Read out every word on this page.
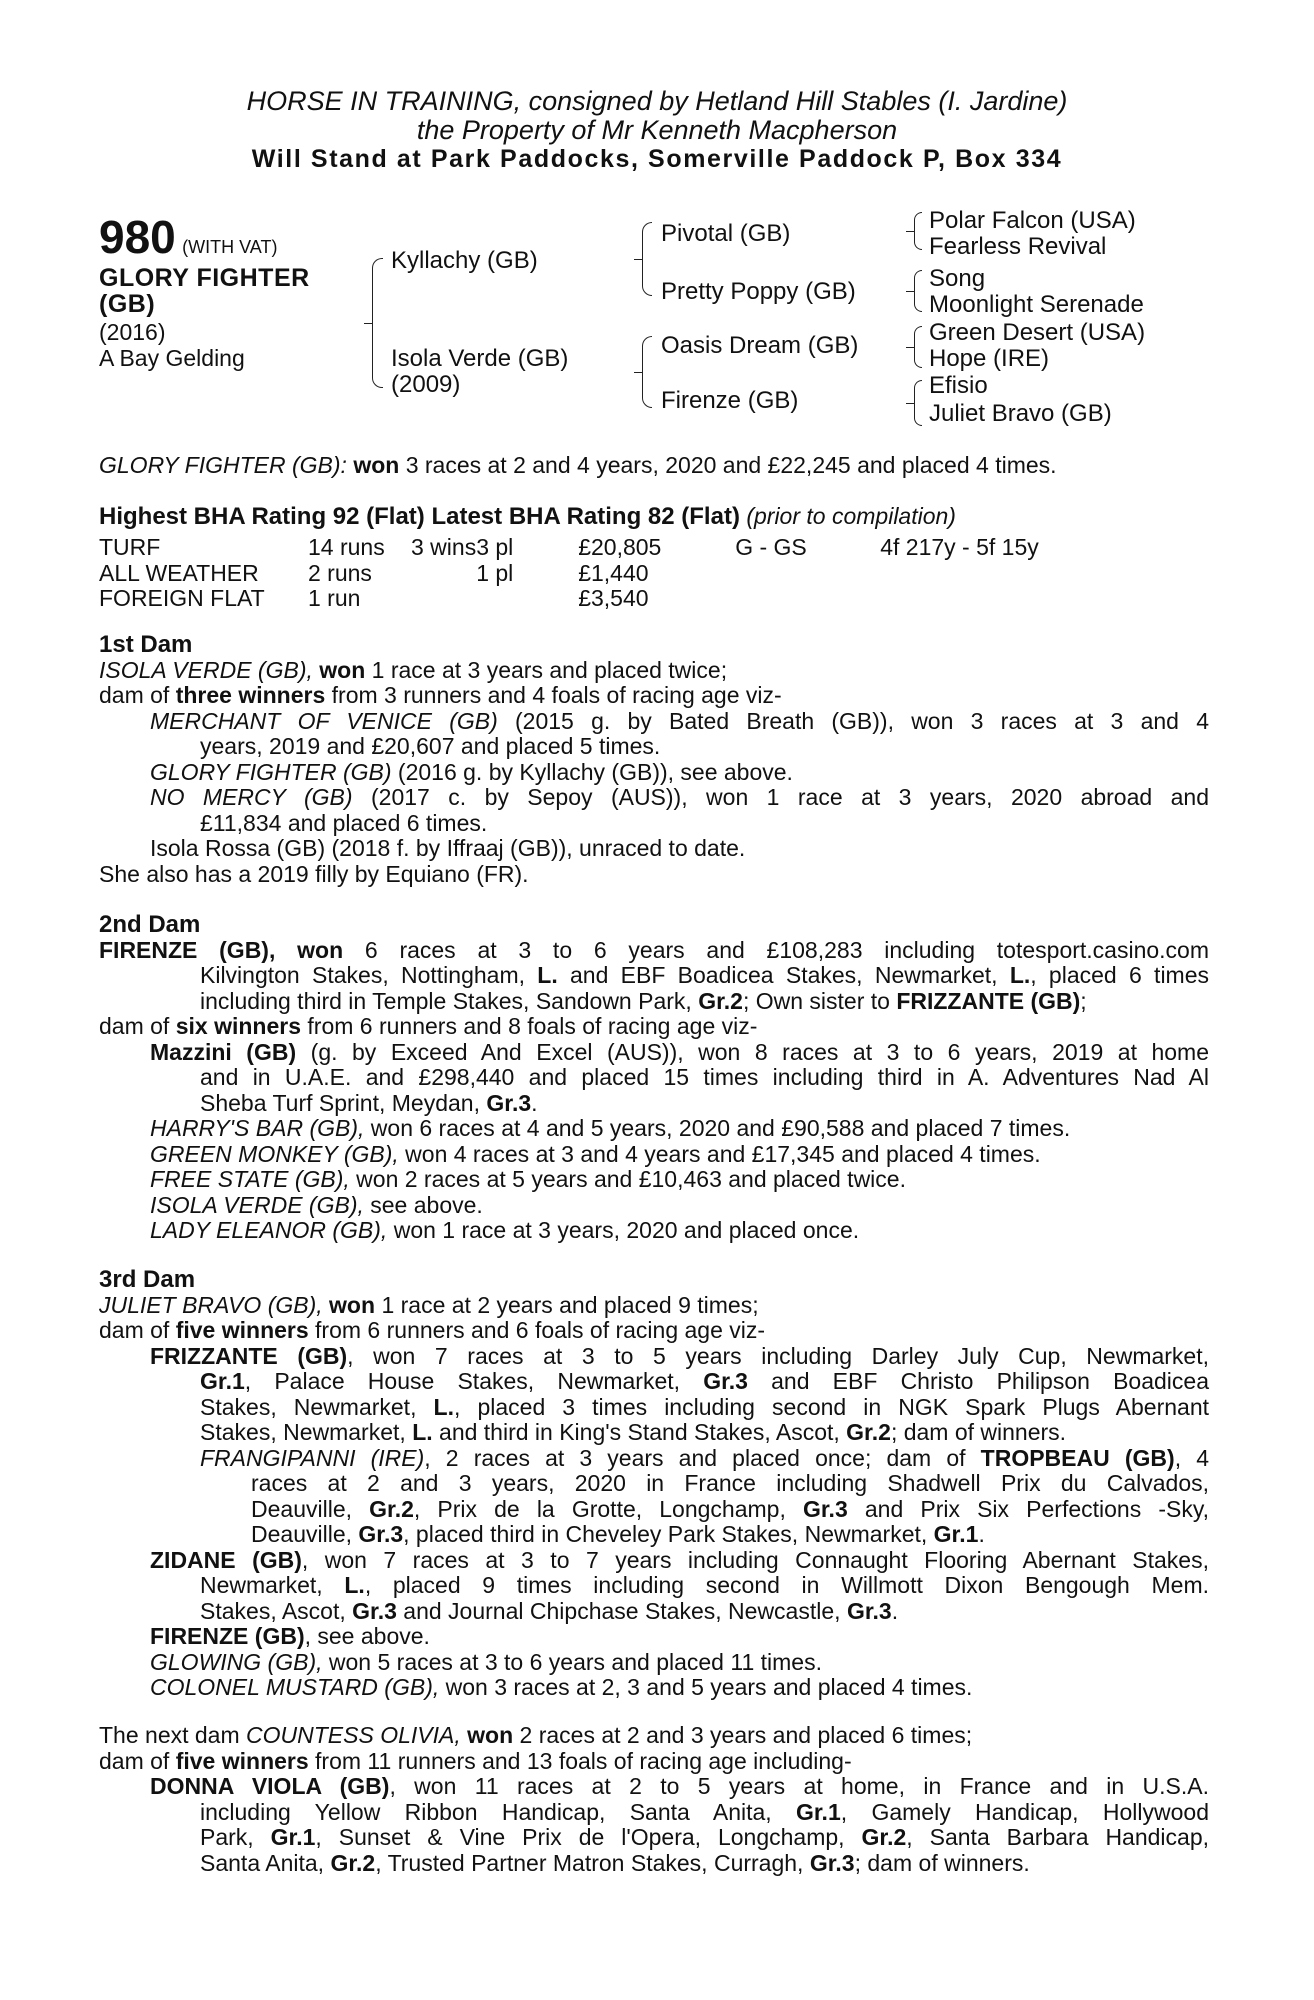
HORSE IN TRAINING, consigned by Hetland Hill Stables (I. Jardine)
the Property of Mr Kenneth Macpherson
Will Stand at Park Paddocks, Somerville Paddock P, Box 334
980 (WITH VAT)
GLORY FIGHTER
(GB)
(2016)
A Bay Gelding
Kyllachy (GB)
Isola Verde (GB)
(2009)
Pivotal (GB)
Pretty Poppy (GB)
Oasis Dream (GB)
Firenze (GB)
Polar Falcon (USA)
Fearless Revival
Song
Moonlight Serenade
Green Desert (USA)
Hope (IRE)
Efisio
Juliet Bravo (GB)
GLORY FIGHTER (GB): won 3 races at 2 and 4 years, 2020 and £22,245 and placed 4 times.
Highest BHA Rating 92 (Flat) Latest BHA Rating 82 (Flat) (prior to compilation)
TURF	14 runs	3 wins	3 pl	£20,805	G - GS	4f 217y - 5f 15y
ALL WEATHER	2 runs		1 pl	£1,440		
FOREIGN FLAT	1 run			£3,540		
1st Dam
ISOLA VERDE (GB), won 1 race at 3 years and placed twice;
dam of three winners from 3 runners and 4 foals of racing age viz-
MERCHANT OF VENICE (GB) (2015 g. by Bated Breath (GB)), won 3 races at 3 and 4
years, 2019 and £20,607 and placed 5 times.
GLORY FIGHTER (GB) (2016 g. by Kyllachy (GB)), see above.
NO MERCY (GB) (2017 c. by Sepoy (AUS)), won 1 race at 3 years, 2020 abroad and
£11,834 and placed 6 times.
Isola Rossa (GB) (2018 f. by Iffraaj (GB)), unraced to date.
She also has a 2019 filly by Equiano (FR).
2nd Dam
FIRENZE (GB), won 6 races at 3 to 6 years and £108,283 including totesport.casino.com
Kilvington Stakes, Nottingham, L. and EBF Boadicea Stakes, Newmarket, L., placed 6 times
including third in Temple Stakes, Sandown Park, Gr.2; Own sister to FRIZZANTE (GB);
dam of six winners from 6 runners and 8 foals of racing age viz-
Mazzini (GB) (g. by Exceed And Excel (AUS)), won 8 races at 3 to 6 years, 2019 at home
and in U.A.E. and £298,440 and placed 15 times including third in A. Adventures Nad Al
Sheba Turf Sprint, Meydan, Gr.3.
HARRY'S BAR (GB), won 6 races at 4 and 5 years, 2020 and £90,588 and placed 7 times.
GREEN MONKEY (GB), won 4 races at 3 and 4 years and £17,345 and placed 4 times.
FREE STATE (GB), won 2 races at 5 years and £10,463 and placed twice.
ISOLA VERDE (GB), see above.
LADY ELEANOR (GB), won 1 race at 3 years, 2020 and placed once.
3rd Dam
JULIET BRAVO (GB), won 1 race at 2 years and placed 9 times;
dam of five winners from 6 runners and 6 foals of racing age viz-
FRIZZANTE (GB), won 7 races at 3 to 5 years including Darley July Cup, Newmarket,
Gr.1, Palace House Stakes, Newmarket, Gr.3 and EBF Christo Philipson Boadicea
Stakes, Newmarket, L., placed 3 times including second in NGK Spark Plugs Abernant
Stakes, Newmarket, L. and third in King's Stand Stakes, Ascot, Gr.2; dam of winners.
FRANGIPANNI (IRE), 2 races at 3 years and placed once; dam of TROPBEAU (GB), 4
races at 2 and 3 years, 2020 in France including Shadwell Prix du Calvados,
Deauville, Gr.2, Prix de la Grotte, Longchamp, Gr.3 and Prix Six Perfections -Sky,
Deauville, Gr.3, placed third in Cheveley Park Stakes, Newmarket, Gr.1.
ZIDANE (GB), won 7 races at 3 to 7 years including Connaught Flooring Abernant Stakes,
Newmarket, L., placed 9 times including second in Willmott Dixon Bengough Mem.
Stakes, Ascot, Gr.3 and Journal Chipchase Stakes, Newcastle, Gr.3.
FIRENZE (GB), see above.
GLOWING (GB), won 5 races at 3 to 6 years and placed 11 times.
COLONEL MUSTARD (GB), won 3 races at 2, 3 and 5 years and placed 4 times.
The next dam COUNTESS OLIVIA, won 2 races at 2 and 3 years and placed 6 times;
dam of five winners from 11 runners and 13 foals of racing age including-
DONNA VIOLA (GB), won 11 races at 2 to 5 years at home, in France and in U.S.A.
including Yellow Ribbon Handicap, Santa Anita, Gr.1, Gamely Handicap, Hollywood
Park, Gr.1, Sunset & Vine Prix de l'Opera, Longchamp, Gr.2, Santa Barbara Handicap,
Santa Anita, Gr.2, Trusted Partner Matron Stakes, Curragh, Gr.3; dam of winners.
